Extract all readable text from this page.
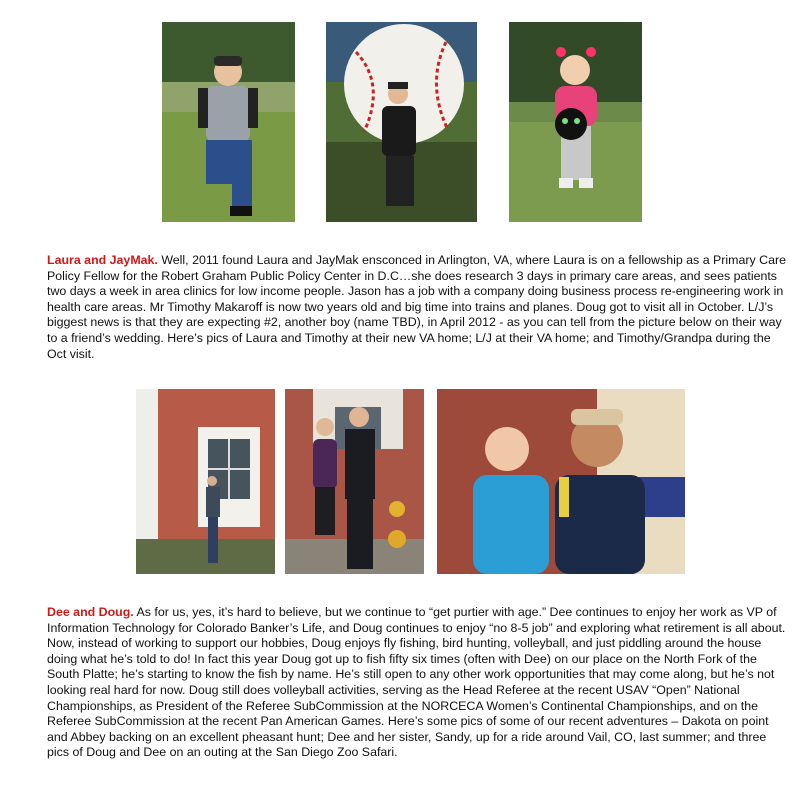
Laura and JayMak. Well, 2011 found Laura and JayMak ensconced in Arlington, VA, where Laura is on a fellowship as a Primary Care Policy Fellow for the Robert Graham Public Policy Center in D.C…she does research 3 days in primary care areas, and sees patients two days a week in area clinics for low income people. Jason has a job with a company doing business process re-engineering work in health care areas. Mr Timothy Makaroff is now two years old and big time into trains and planes. Doug got to visit all in October. L/J’s biggest news is that they are expecting #2, another boy (name TBD), in April 2012 - as you can tell from the picture below on their way to a friend’s wedding. Here’s pics of Laura and Timothy at their new VA home; L/J at their VA home; and Timothy/Grandpa during the Oct visit.

Dee and Doug. As for us, yes, it’s hard to believe, but we continue to “get purtier with age.” Dee continues to enjoy her work as VP of Information Technology for Colorado Banker’s Life, and Doug continues to enjoy “no 8-5 job” and exploring what retirement is all about. Now, instead of working to support our hobbies, Doug enjoys fly fishing, bird hunting, volleyball, and just piddling around the house doing what he’s told to do! In fact this year Doug got up to fish fifty six times (often with Dee) on our place on the North Fork of the South Platte; he’s starting to know the fish by name. He’s still open to any other work opportunities that may come along, but he’s not looking real hard for now. Doug still does volleyball activities, serving as the Head Referee at the recent USAV “Open” National Championships, as President of the Referee SubCommission at the NORCECA Women’s Continental Championships, and on the Referee SubCommission at the recent Pan American Games. Here’s some pics of some of our recent adventures – Dakota on point and Abbey backing on an excellent pheasant hunt; Dee and her sister, Sandy, up for a ride around Vail, CO, last summer; and three pics of Doug and Dee on an outing at the San Diego Zoo Safari.
